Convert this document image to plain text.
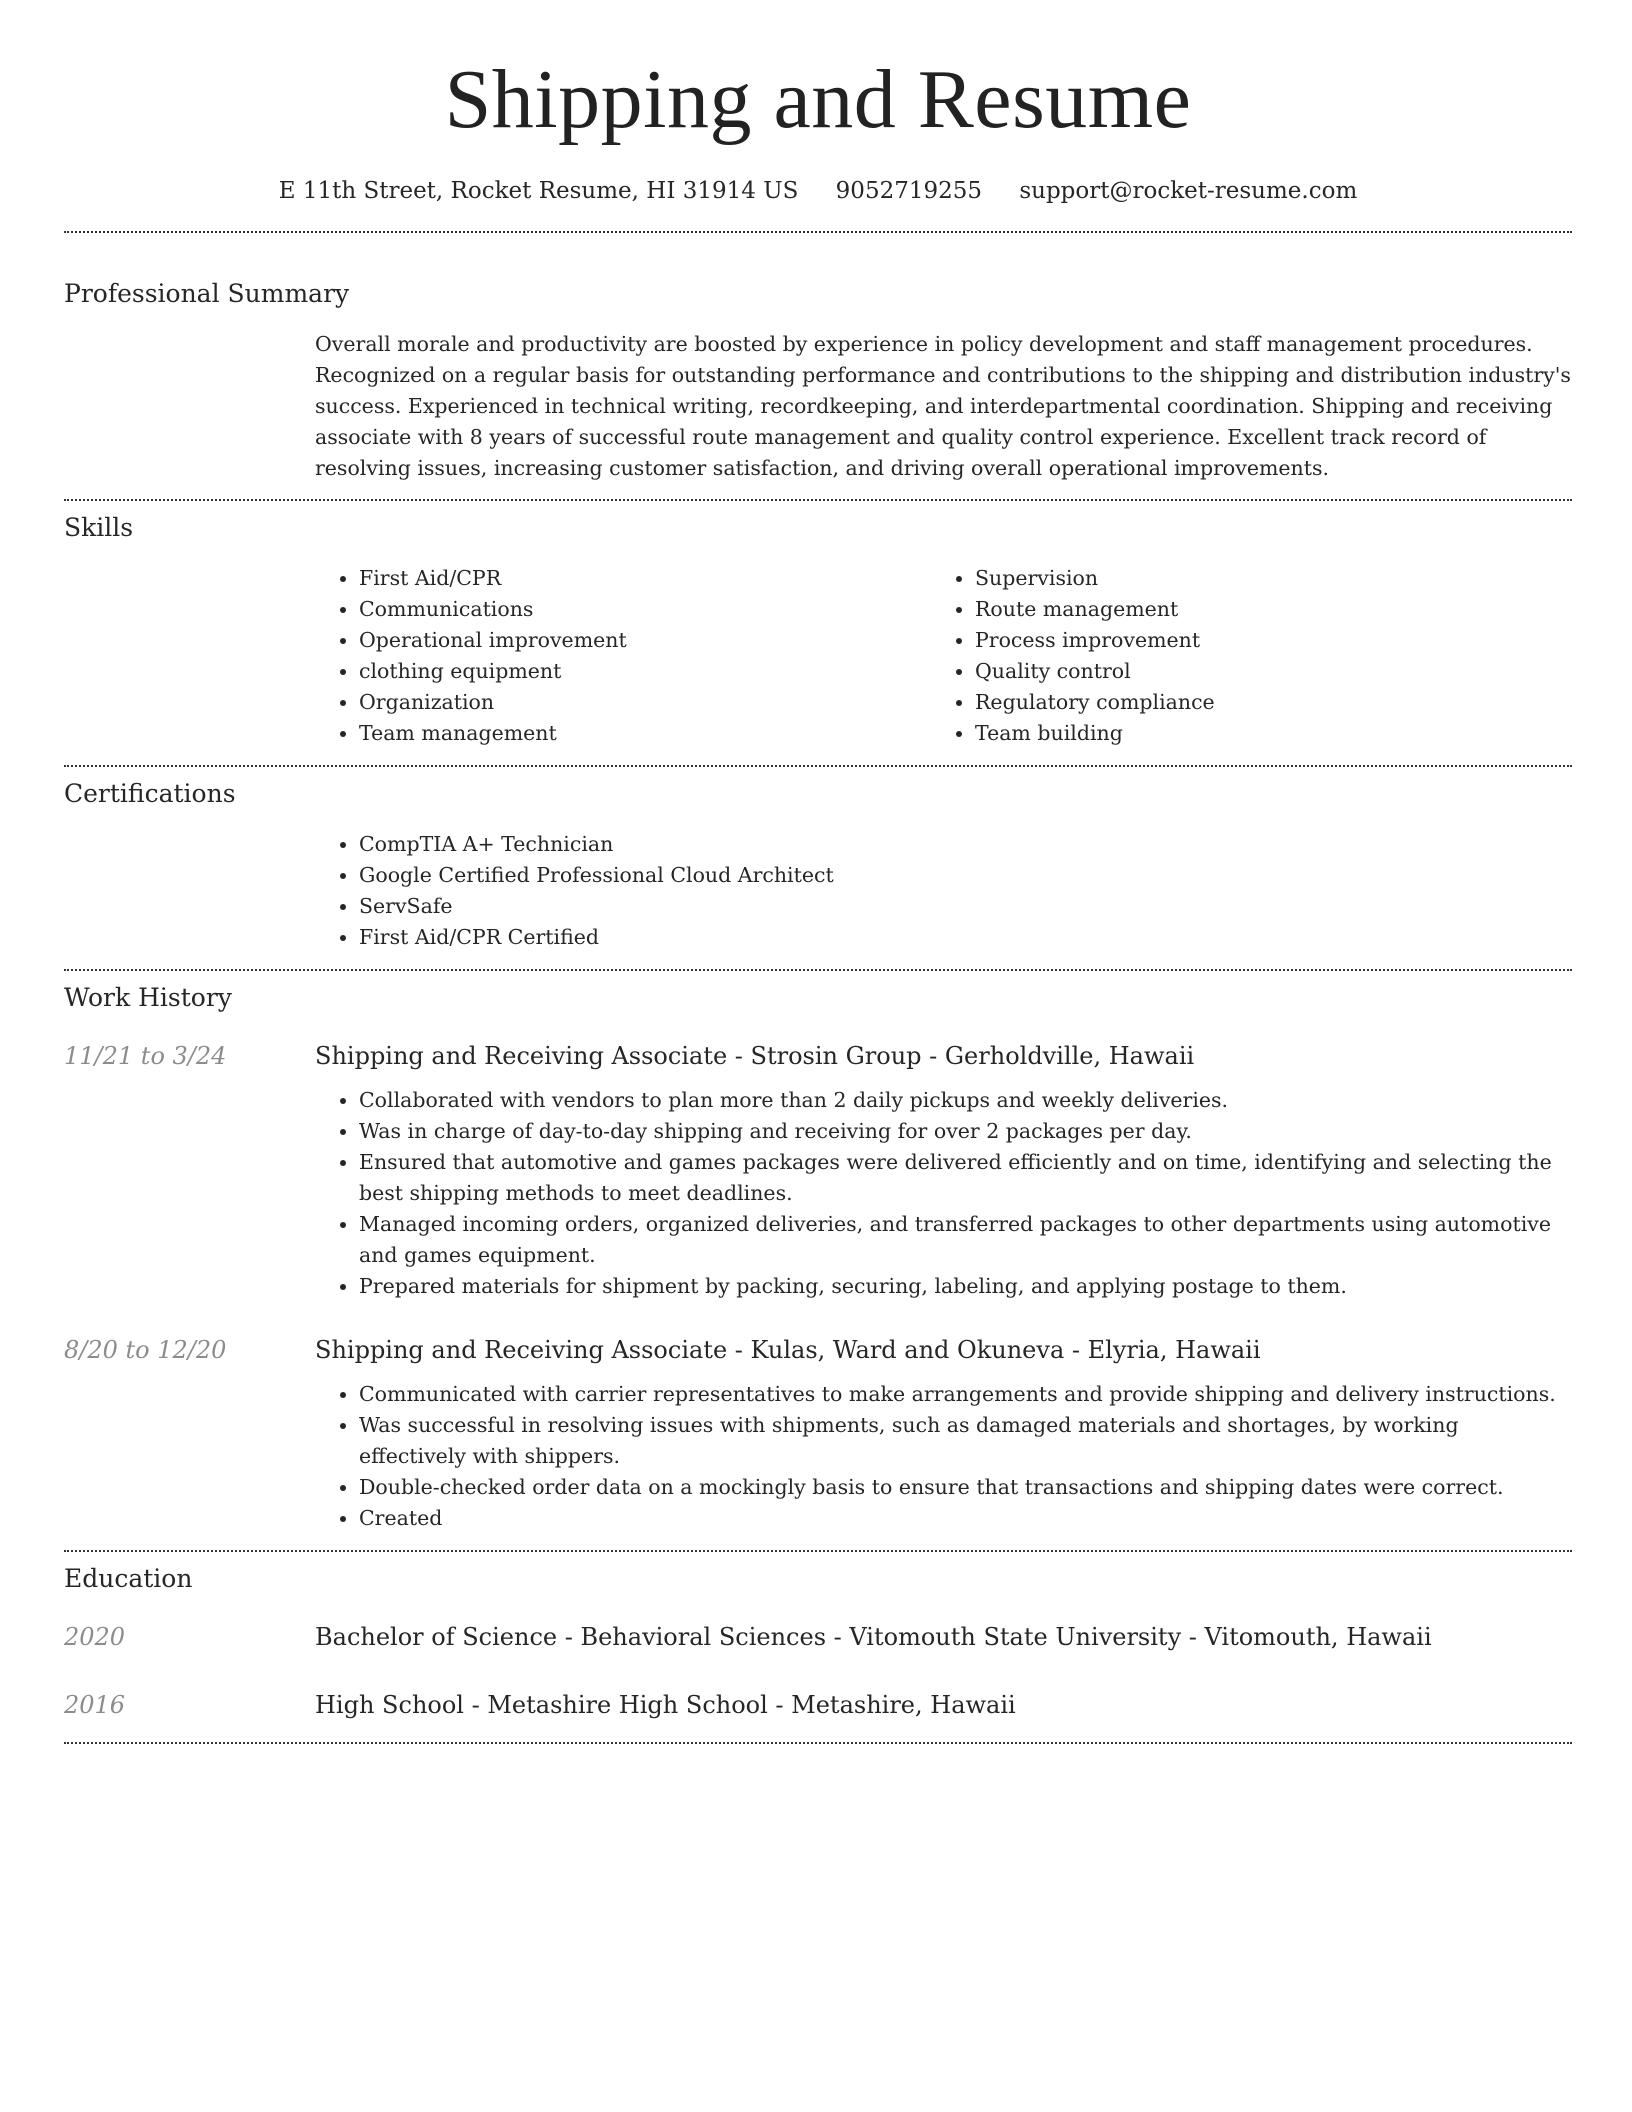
Shipping and Resume
E 11th Street, Rocket Resume, HI 31914 US 9052719255 support@rocket-resume.com
Professional Summary

Overall morale and productivity are boosted by experience in policy development and staff management procedures. Recognized on a regular basis for outstanding performance and contributions to the shipping and distribution industry's success. Experienced in technical writing, recordkeeping, and interdepartmental coordination. Shipping and receiving associate with 8 years of successful route management and quality control experience. Excellent track record of resolving issues, increasing customer satisfaction, and driving overall operational improvements.

Skills
• First Aid/CPR
• Communications
• Operational improvement
• clothing equipment
• Organization
• Team management
• Supervision
• Route management
• Process improvement
• Quality control
• Regulatory compliance
• Team building
Certifications
• CompTIA A+ Technician
• Google Certified Professional Cloud Architect
• ServSafe
• First Aid/CPR Certified
Work History
11/21 to 3/24	Shipping and Receiving Associate - Strosin Group - Gerholdville, Hawaii
• Collaborated with vendors to plan more than 2 daily pickups and weekly deliveries.
• Was in charge of day-to-day shipping and receiving for over 2 packages per day.
• Ensured that automotive and games packages were delivered efficiently and on time, identifying and selecting the best shipping methods to meet deadlines.
• Managed incoming orders, organized deliveries, and transferred packages to other departments using automotive and games equipment.
• Prepared materials for shipment by packing, securing, labeling, and applying postage to them.
8/20 to 12/20	Shipping and Receiving Associate - Kulas, Ward and Okuneva - Elyria, Hawaii
• Communicated with carrier representatives to make arrangements and provide shipping and delivery instructions.
• Was successful in resolving issues with shipments, such as damaged materials and shortages, by working effectively with shippers.
• Double-checked order data on a mockingly basis to ensure that transactions and shipping dates were correct.
• Created
Education
2020	Bachelor of Science - Behavioral Sciences - Vitomouth State University - Vitomouth, Hawaii
2016	High School - Metashire High School - Metashire, Hawaii
